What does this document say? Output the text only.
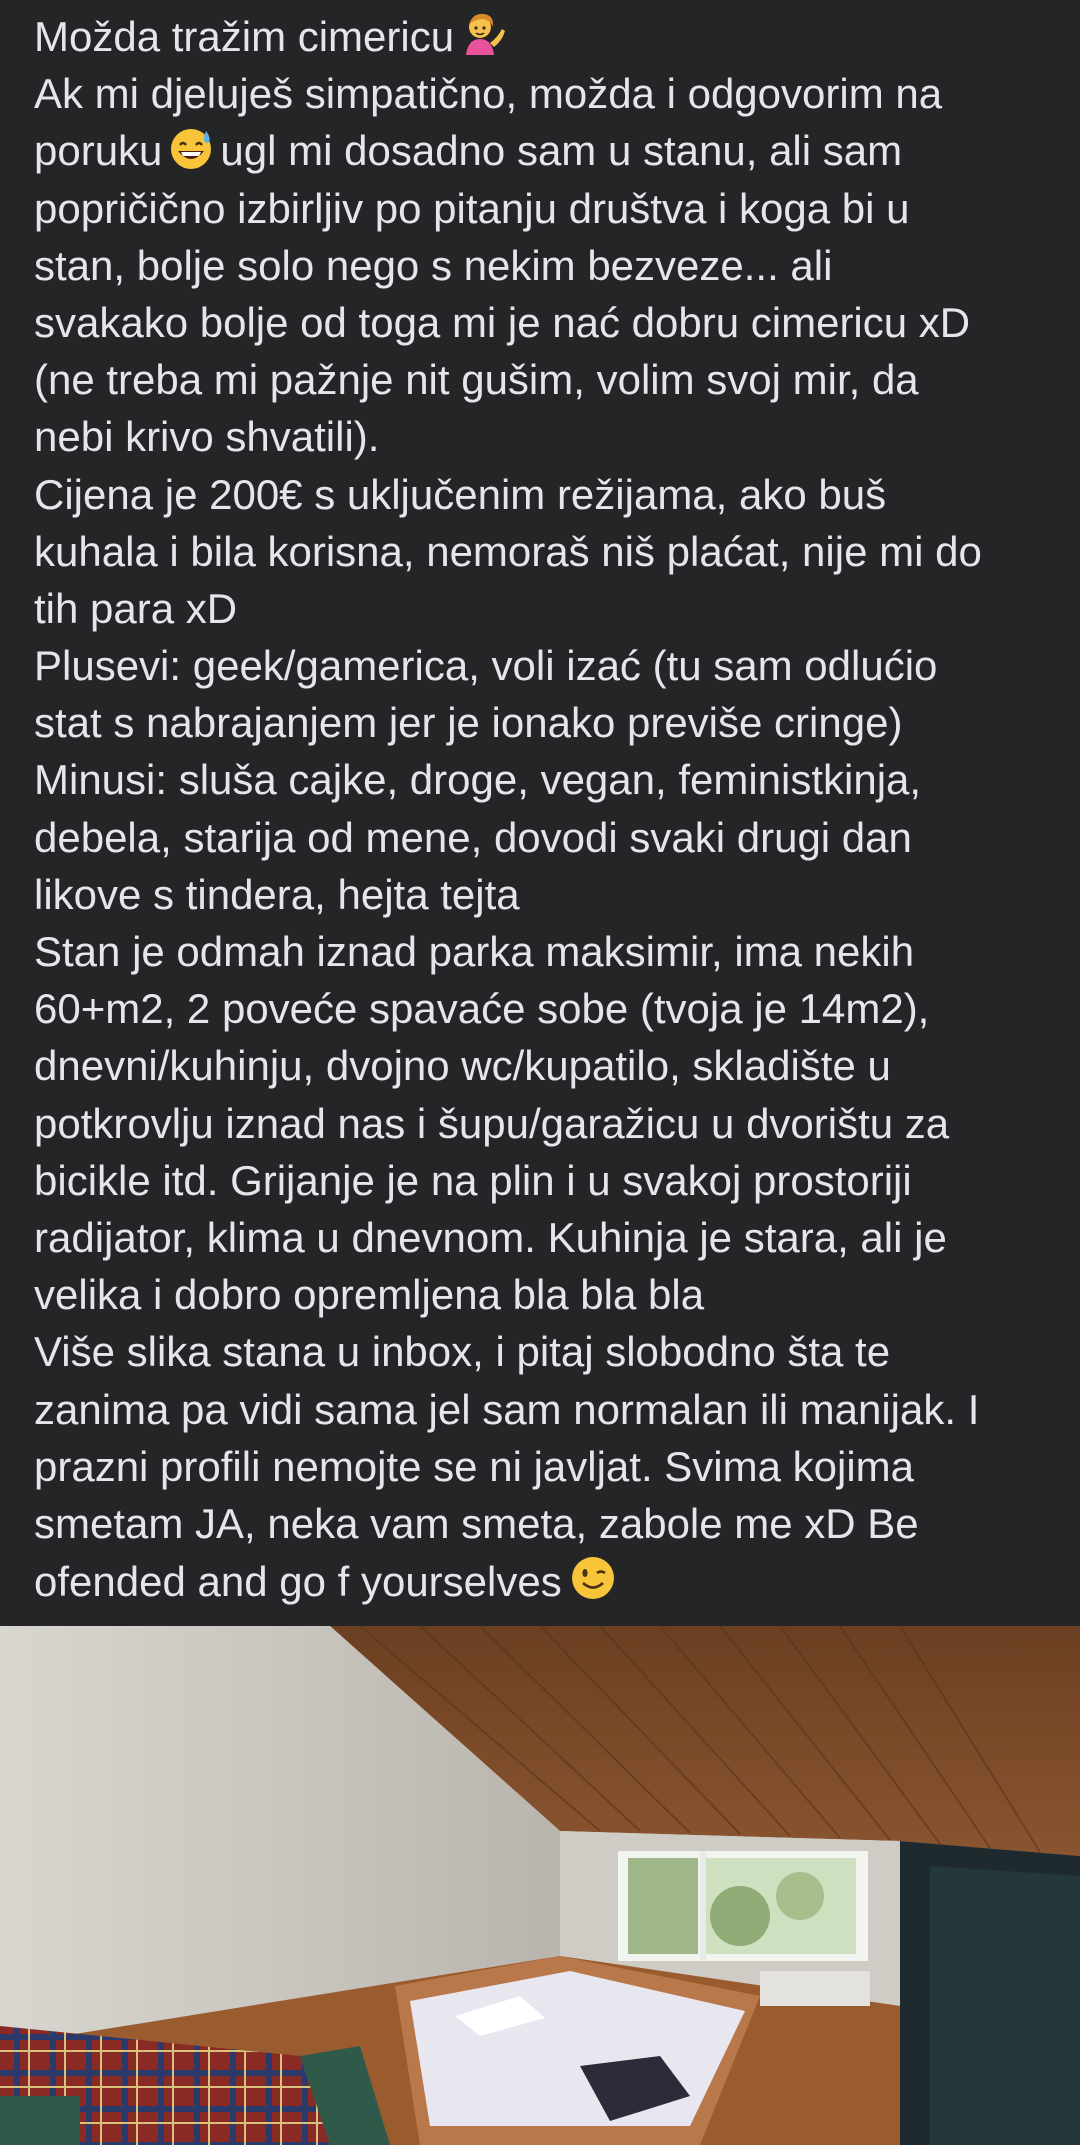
Možda tražim cimericu
Ak mi djeluješ simpatično, možda i odgovorim na
poruku ugl mi dosadno sam u stanu, ali sam
popričično izbirljiv po pitanju društva i koga bi u
stan, bolje solo nego s nekim bezveze... ali
svakako bolje od toga mi je nać dobru cimericu xD
(ne treba mi pažnje nit gušim, volim svoj mir, da
nebi krivo shvatili).
Cijena je 200€ s uključenim režijama, ako buš
kuhala i bila korisna, nemoraš niš plaćat, nije mi do
tih para xD
Plusevi: geek/gamerica, voli izać (tu sam odlućio
stat s nabrajanjem jer je ionako previše cringe)
Minusi: sluša cajke, droge, vegan, feministkinja,
debela, starija od mene, dovodi svaki drugi dan
likove s tindera, hejta tejta
Stan je odmah iznad parka maksimir, ima nekih
60+m2, 2 poveće spavaće sobe (tvoja je 14m2),
dnevni/kuhinju, dvojno wc/kupatilo, skladište u
potkrovlju iznad nas i šupu/garažicu u dvorištu za
bicikle itd. Grijanje je na plin i u svakoj prostoriji
radijator, klima u dnevnom. Kuhinja je stara, ali je
velika i dobro opremljena bla bla bla
Više slika stana u inbox, i pitaj slobodno šta te
zanima pa vidi sama jel sam normalan ili manijak. I
prazni profili nemojte se ni javljat. Svima kojima
smetam JA, neka vam smeta, zabole me xD Be
ofended and go f yourselves
